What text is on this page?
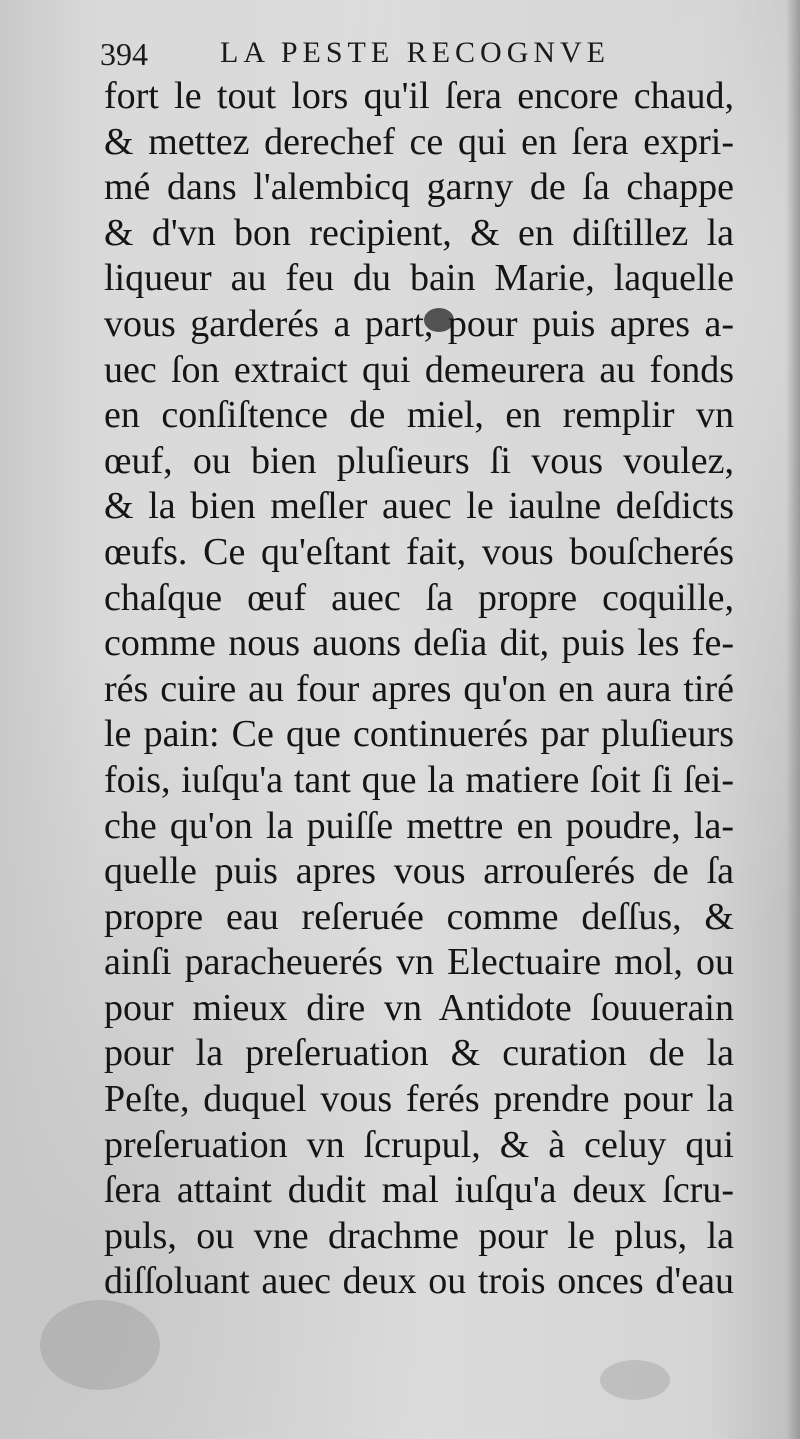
394 LA PESTE RECOGNVE
fort le tout lors qu'il ſera encore chaud,
& mettez derechef ce qui en ſera expri-
mé dans l'alembicq garny de ſa chappe
& d'vn bon recipient, & en diſtillez la
liqueur au feu du bain Marie, laquelle
vous garderés a part, pour puis apres a-
uec ſon extraict qui demeurera au fonds
en conſiſtence de miel, en remplir vn
œuf, ou bien pluſieurs ſi vous voulez,
& la bien meſler auec le iaulne deſdicts
œufs. Ce qu'eſtant fait, vous bouſcherés
chaſque œuf auec ſa propre coquille,
comme nous auons deſia dit, puis les fe-
rés cuire au four apres qu'on en aura tiré
le pain: Ce que continuerés par pluſieurs
fois, iuſqu'a tant que la matiere ſoit ſi ſei-
che qu'on la puiſſe mettre en poudre, la-
quelle puis apres vous arrouſerés de ſa
propre eau reſeruée comme deſſus, &
ainſi paracheuerés vn Electuaire mol, ou
pour mieux dire vn Antidote ſouuerain
pour la preſeruation & curation de la
Peſte, duquel vous ferés prendre pour la
preſeruation vn ſcrupul, & à celuy qui
ſera attaint dudit mal iuſqu'a deux ſcru-
puls, ou vne drachme pour le plus, la
diſſoluant auec deux ou trois onces d'eau
